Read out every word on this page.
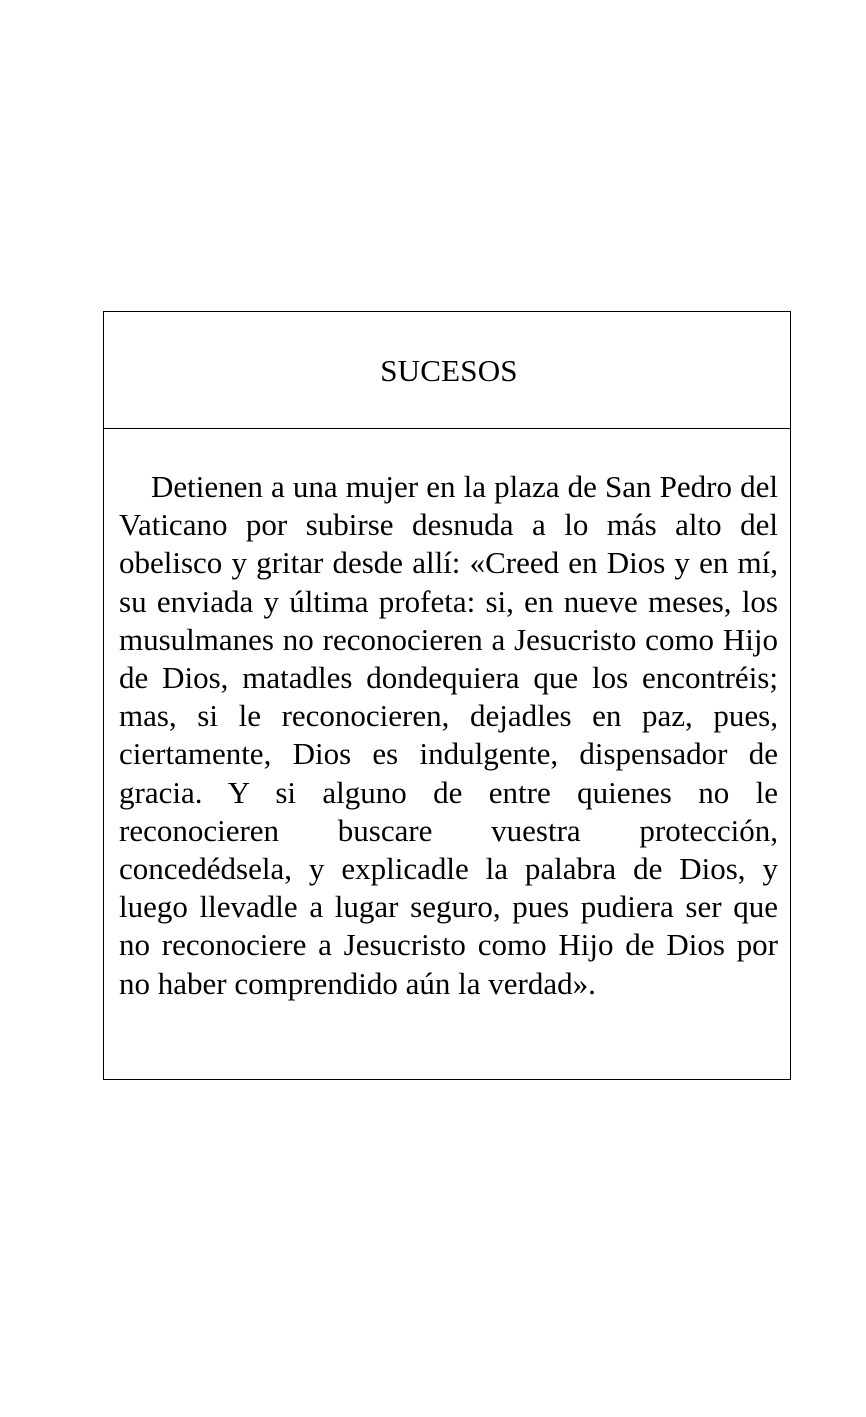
SUCESOS

Detienen a una mujer en la plaza de San Pedro del Vaticano por subirse desnuda a lo más alto del obelisco y gritar desde allí: «Creed en Dios y en mí, su enviada y última profeta: si, en nueve meses, los musulmanes no reconocieren a Jesucristo como Hijo de Dios, matadles dondequiera que los encontréis; mas, si le reconocieren, dejadles en paz, pues, ciertamente, Dios es indulgente, dispensador de gracia. Y si alguno de entre quienes no le reconocieren buscare vuestra protección, concedédsela, y explicadle la palabra de Dios, y luego llevadle a lugar seguro, pues pudiera ser que no reconociere a Jesucristo como Hijo de Dios por no haber comprendido aún la verdad».
